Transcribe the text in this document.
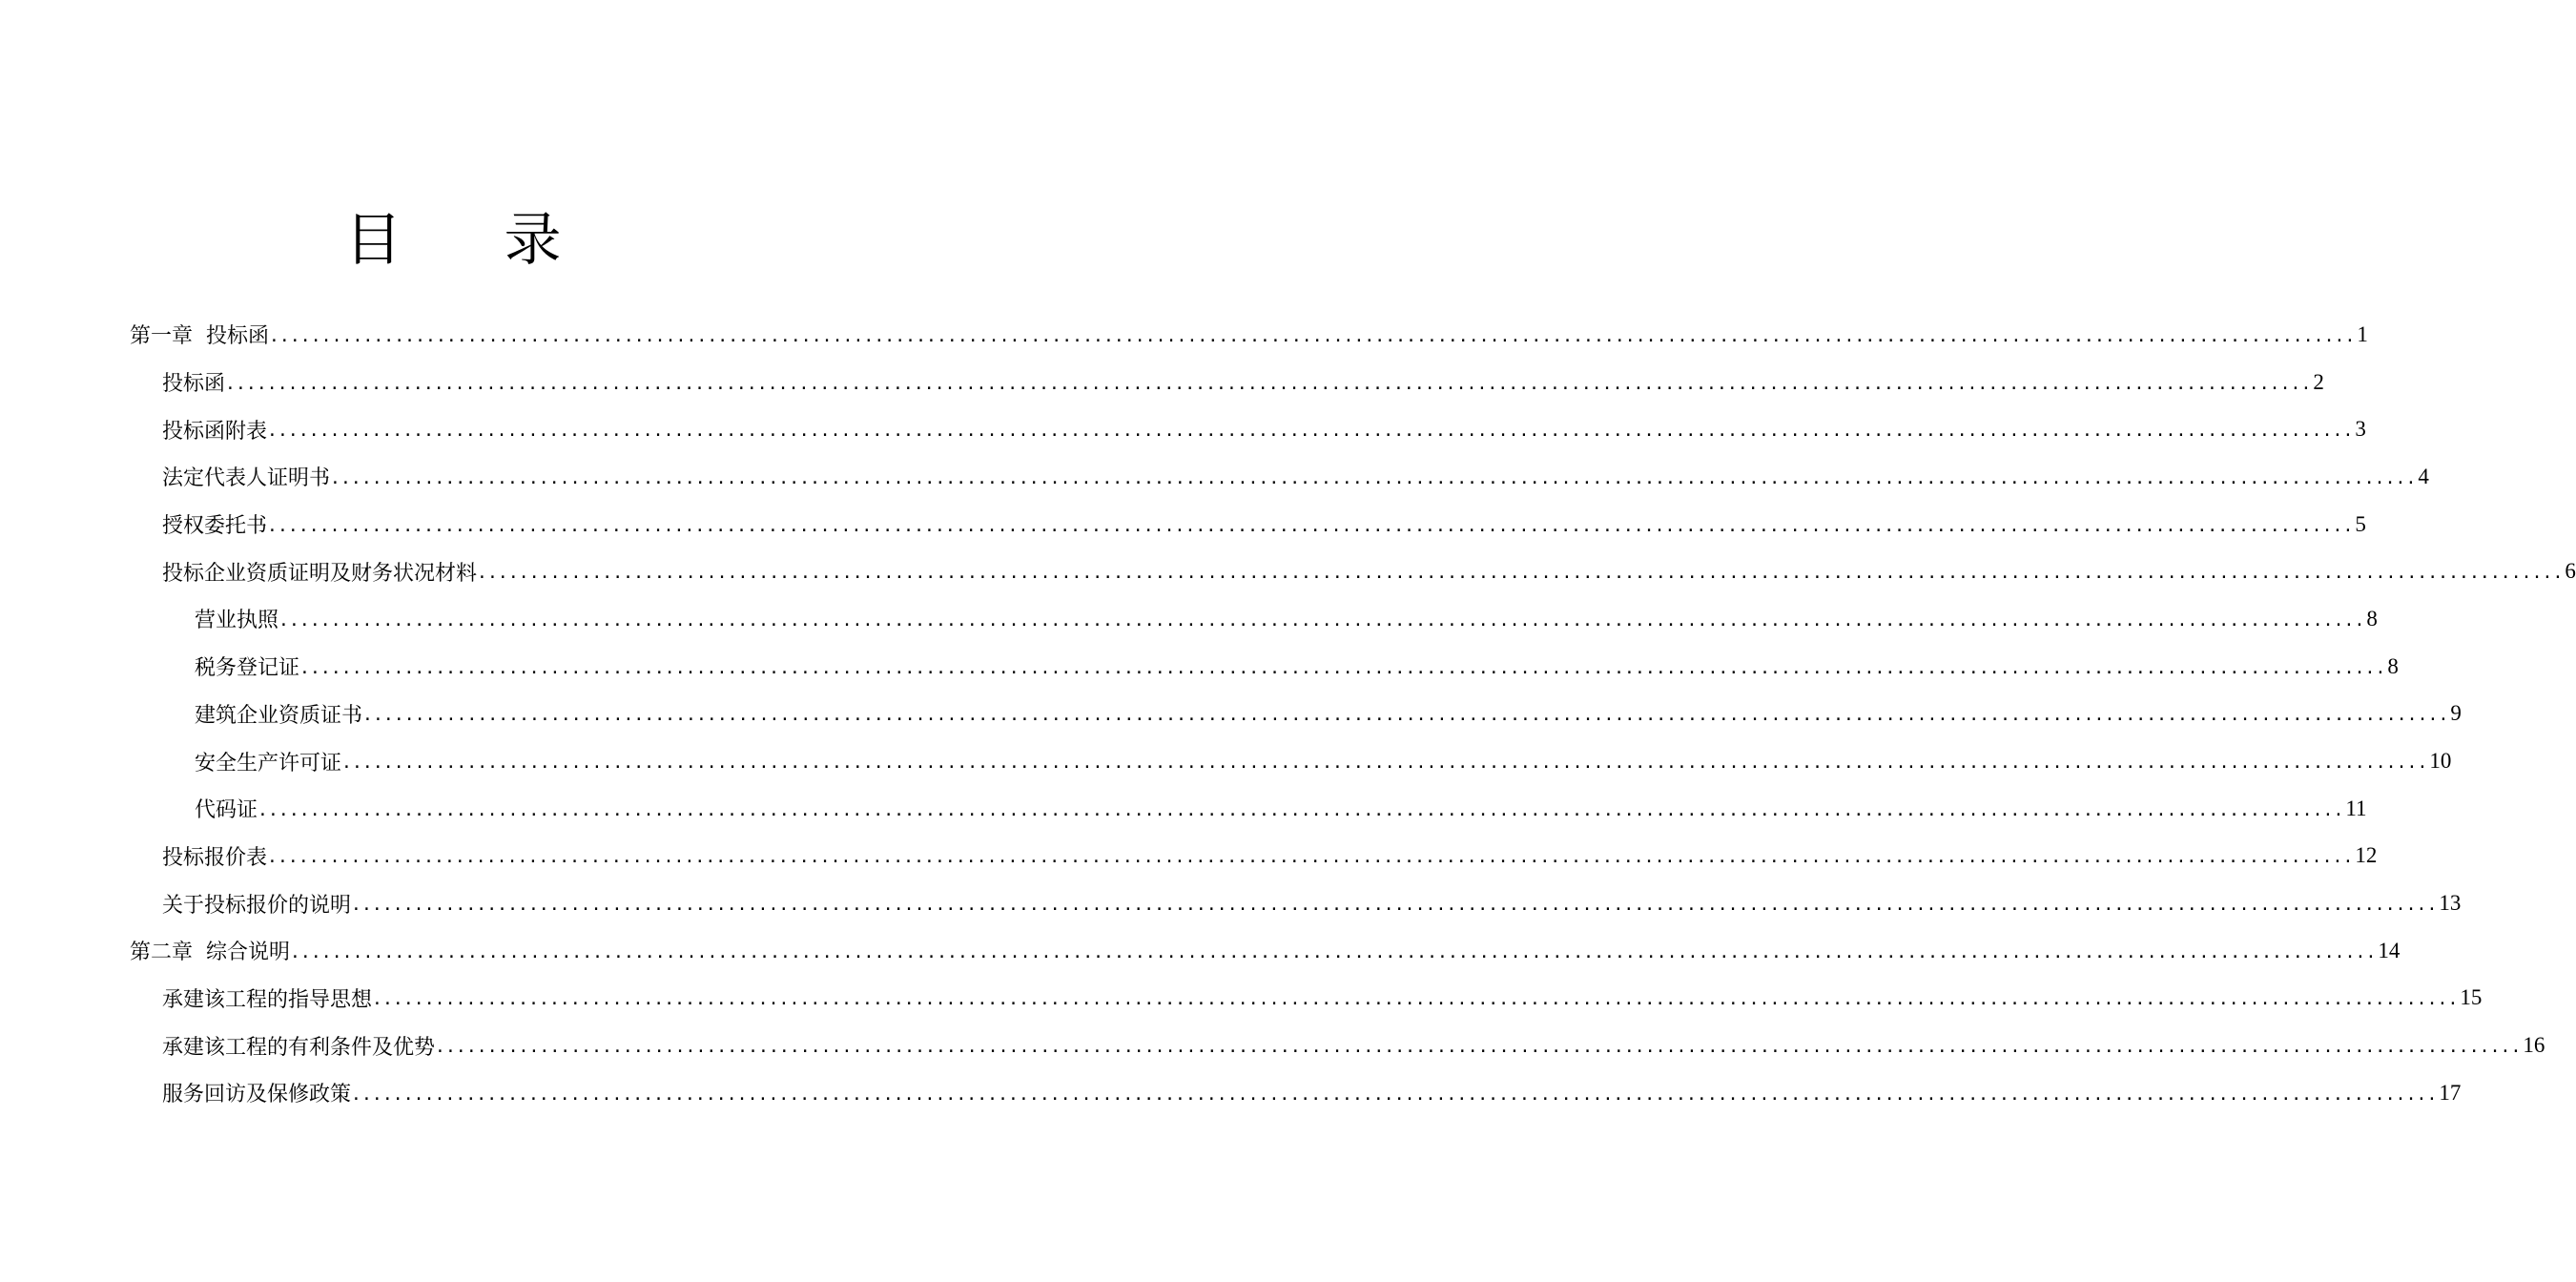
目 录
第一章  投标函 ........................................................................................................................................................................................................ 1
投标函 ........................................................................................................................................................................................................ 2
投标函附表 ........................................................................................................................................................................................................ 3
法定代表人证明书 ........................................................................................................................................................................................................ 4
授权委托书 ........................................................................................................................................................................................................ 5
投标企业资质证明及财务状况材料 ........................................................................................................................................................................................................ 6
营业执照 ........................................................................................................................................................................................................ 8
税务登记证 ........................................................................................................................................................................................................ 8
建筑企业资质证书 ........................................................................................................................................................................................................ 9
安全生产许可证 ........................................................................................................................................................................................................ 10
代码证 ........................................................................................................................................................................................................ 11
投标报价表 ........................................................................................................................................................................................................ 12
关于投标报价的说明 ........................................................................................................................................................................................................ 13
第二章  综合说明 ........................................................................................................................................................................................................ 14
承建该工程的指导思想 ........................................................................................................................................................................................................ 15
承建该工程的有利条件及优势 ........................................................................................................................................................................................................ 16
服务回访及保修政策 ........................................................................................................................................................................................................ 17
